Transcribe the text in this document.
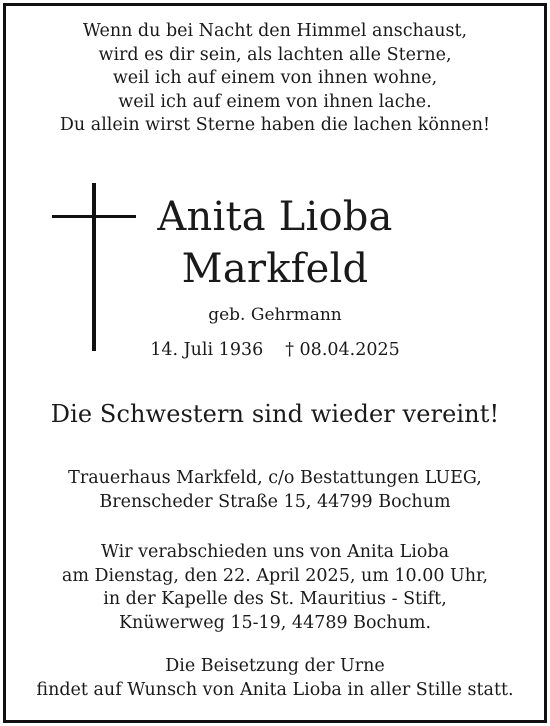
Wenn du bei Nacht den Himmel anschaust,
wird es dir sein, als lachten alle Sterne,
weil ich auf einem von ihnen wohne,
weil ich auf einem von ihnen lache.
Du allein wirst Sterne haben die lachen können!
Anita Lioba
Markfeld
geb. Gehrmann
14. Juli 1936 † 08.04.2025
Die Schwestern sind wieder vereint!
Trauerhaus Markfeld, c/o Bestattungen LUEG,
Brenscheder Straße 15, 44799 Bochum
Wir verabschieden uns von Anita Lioba
am Dienstag, den 22. April 2025, um 10.00 Uhr,
in der Kapelle des St. Mauritius - Stift,
Knüwerweg 15-19, 44789 Bochum.
Die Beisetzung der Urne
findet auf Wunsch von Anita Lioba in aller Stille statt.
